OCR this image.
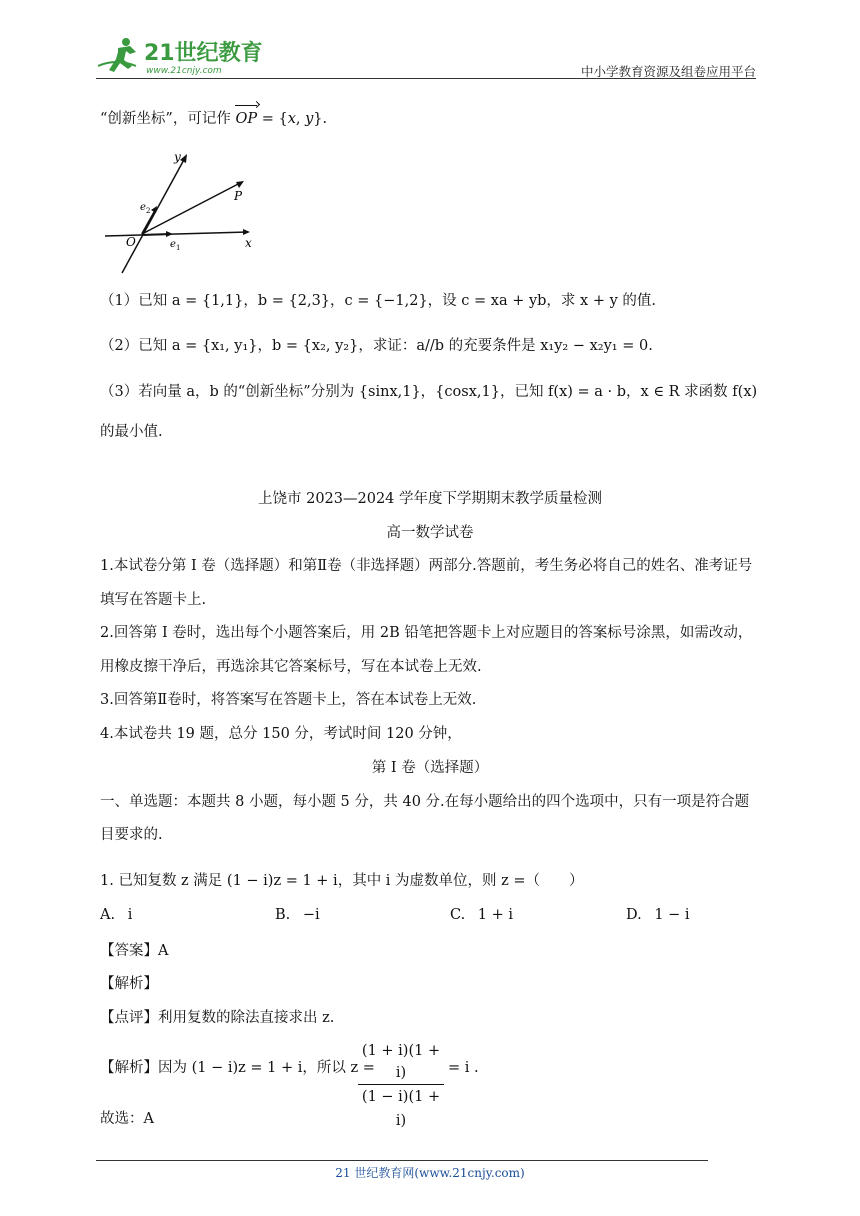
21世纪教育
www.21cnjy.com	中小学教育资源及组卷应用平台
“创新坐标”，可记作 OP = {x, y}.
y
x
O
P
e 2
e 1
（1）已知 a = {1,1}，b = {2,3}，c = {−1,2}，设 c = xa + yb，求 x + y 的值.
（2）已知 a = {x₁, y₁}，b = {x₂, y₂}，求证：a//b 的充要条件是 x₁y₂ − x₂y₁ = 0.
（3）若向量 a，b 的“创新坐标”分别为 {sinx,1}，{cosx,1}，已知 f(x) = a · b，x ∈ R 求函数 f(x)
的最小值.
上饶市 2023—2024 学年度下学期期末教学质量检测
高一数学试卷
1.本试卷分第 I 卷（选择题）和第Ⅱ卷（非选择题）两部分.答题前，考生务必将自己的姓名、准考证号
填写在答题卡上.
2.回答第 I 卷时，选出每个小题答案后，用 2B 铅笔把答题卡上对应题目的答案标号涂黑，如需改动，
用橡皮擦干净后，再选涂其它答案标号，写在本试卷上无效.
3.回答第Ⅱ卷时，将答案写在答题卡上，答在本试卷上无效.
4.本试卷共 19 题，总分 150 分，考试时间 120 分钟，
第 I 卷（选择题）
一、单选题：本题共 8 小题，每小题 5 分，共 40 分.在每小题给出的四个选项中，只有一项是符合题
目要求的.
1. 已知复数 z 满足 (1 − i)z = 1 + i，其中 i 为虚数单位，则 z =（　　）
A. i	B. −i	C. 1 + i	D. 1 − i
【答案】A
【解析】
【点评】利用复数的除法直接求出 z.
【解析】因为 (1 − i)z = 1 + i，所以 z =
$\frac{(1 + i)(1 + i)}{(1 - i)(1 + i)} = i$ .
故选：A
21 世纪教育网(www.21cnjy.com)
